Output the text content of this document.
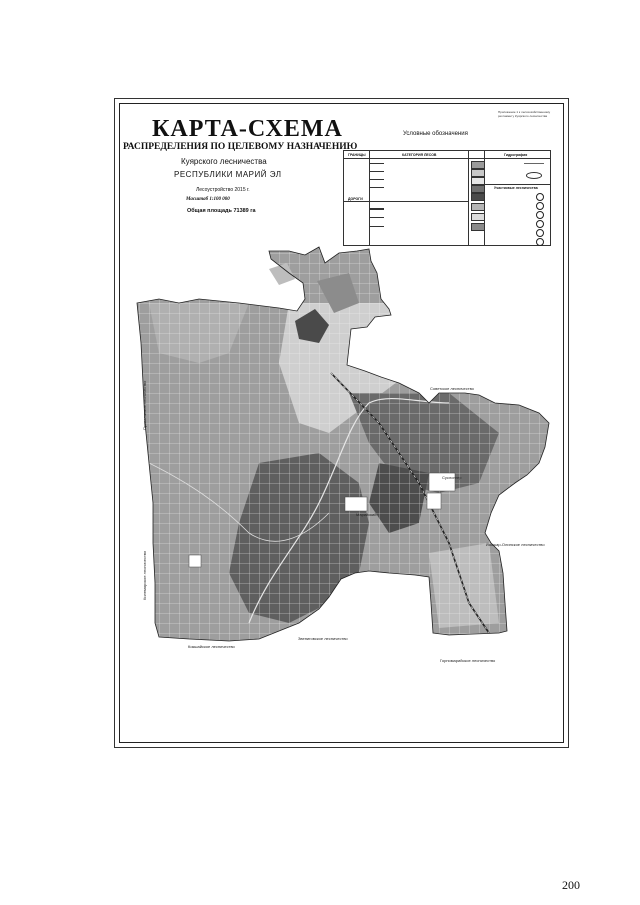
КАРТА-СХЕМА
РАСПРЕДЕЛЕНИЯ ПО ЦЕЛЕВОМУ НАЗНАЧЕНИЮ
Куярского лесничества
РЕСПУБЛИКИ МАРИЙ ЭЛ
Лесоустройство 2015 г.
Масштаб 1:100 000
Общая площадь 71389 га
Приложение 1 к лесохозяйственному регламенту Куярского лесничества
Условные обозначения
ГРАНИЦЫ	КАТЕГОРИЯ ЛЕСОВ	Гидрография
ДОРОГИ
Участковые лесничества
Советское лесничество
Приволжское лесничество
Килемарское лесничество
Йошкар-Олинское лесничество
Звениговское лесничество
Кокшайское лесничество
Горномарийское лесничество
Суслонгер
Марийский
200
